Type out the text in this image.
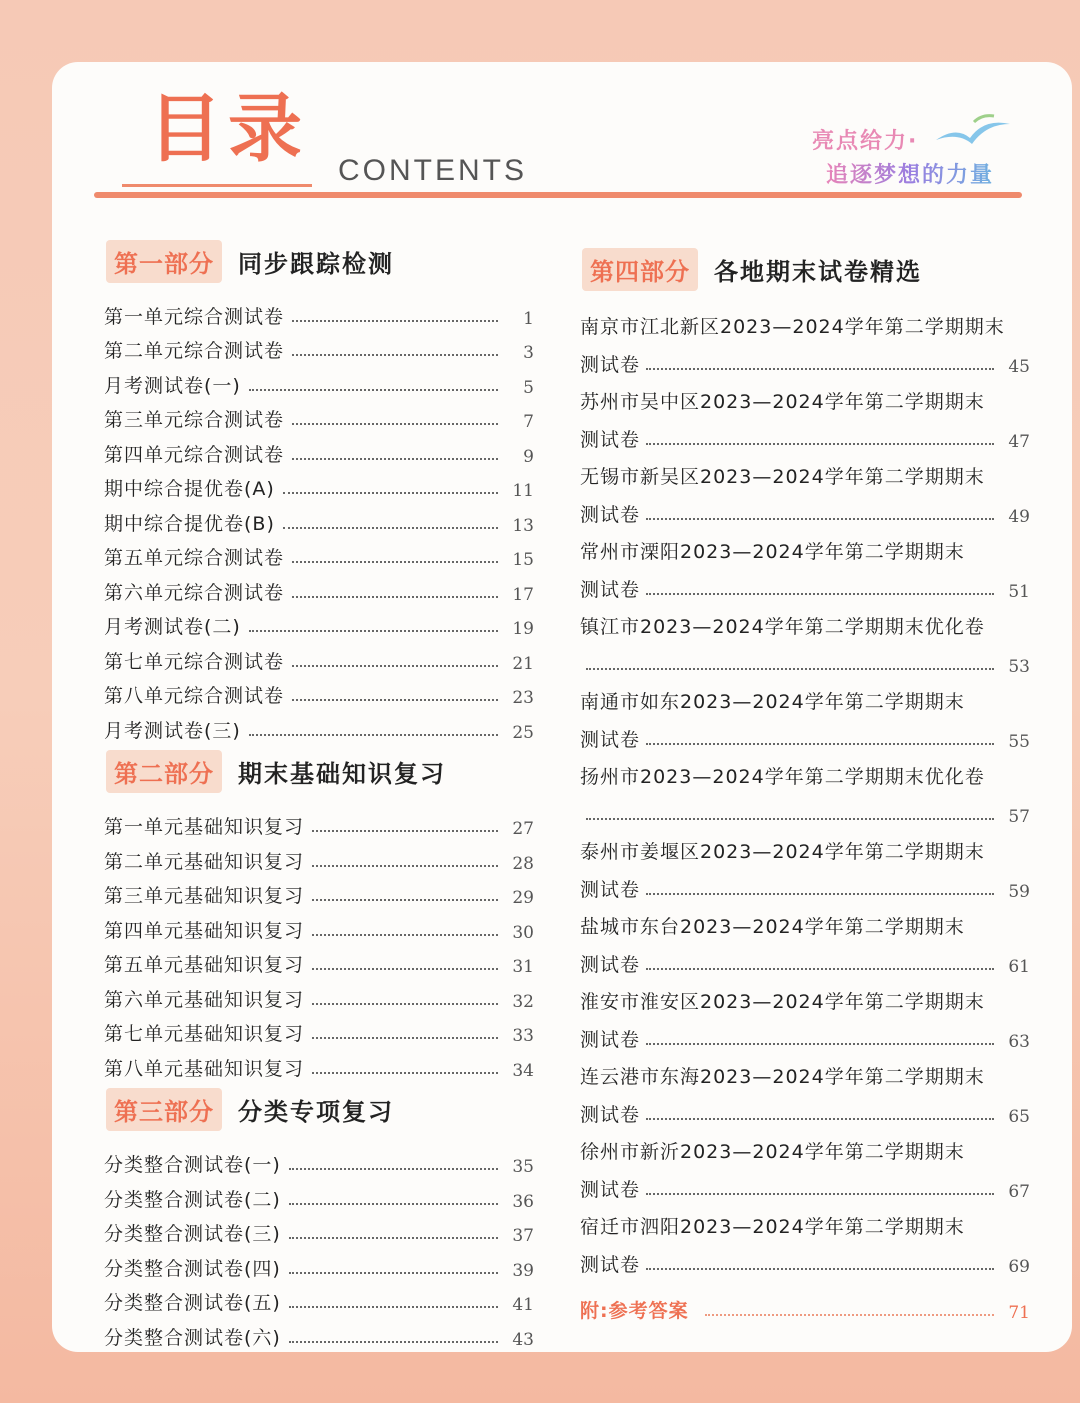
目录 CONTENTS
亮点给力·
追逐梦想的力量
第一部分	同步跟踪检测
第一单元综合测试卷	1
第二单元综合测试卷	3
月考测试卷(一)	5
第三单元综合测试卷	7
第四单元综合测试卷	9
期中综合提优卷(A)	11
期中综合提优卷(B)	13
第五单元综合测试卷	15
第六单元综合测试卷	17
月考测试卷(二)	19
第七单元综合测试卷	21
第八单元综合测试卷	23
月考测试卷(三)	25
第二部分	期末基础知识复习
第一单元基础知识复习	27
第二单元基础知识复习	28
第三单元基础知识复习	29
第四单元基础知识复习	30
第五单元基础知识复习	31
第六单元基础知识复习	32
第七单元基础知识复习	33
第八单元基础知识复习	34
第三部分	分类专项复习
分类整合测试卷(一)	35
分类整合测试卷(二)	36
分类整合测试卷(三)	37
分类整合测试卷(四)	39
分类整合测试卷(五)	41
分类整合测试卷(六)	43
第四部分	各地期末试卷精选
南京市江北新区2023—2024学年第二学期期末
测试卷	45
苏州市吴中区2023—2024学年第二学期期末
测试卷	47
无锡市新吴区2023—2024学年第二学期期末
测试卷	49
常州市溧阳2023—2024学年第二学期期末
测试卷	51
镇江市2023—2024学年第二学期期末优化卷
53
南通市如东2023—2024学年第二学期期末
测试卷	55
扬州市2023—2024学年第二学期期末优化卷
57
泰州市姜堰区2023—2024学年第二学期期末
测试卷	59
盐城市东台2023—2024学年第二学期期末
测试卷	61
淮安市淮安区2023—2024学年第二学期期末
测试卷	63
连云港市东海2023—2024学年第二学期期末
测试卷	65
徐州市新沂2023—2024学年第二学期期末
测试卷	67
宿迁市泗阳2023—2024学年第二学期期末
测试卷	69
附:参考答案	71
